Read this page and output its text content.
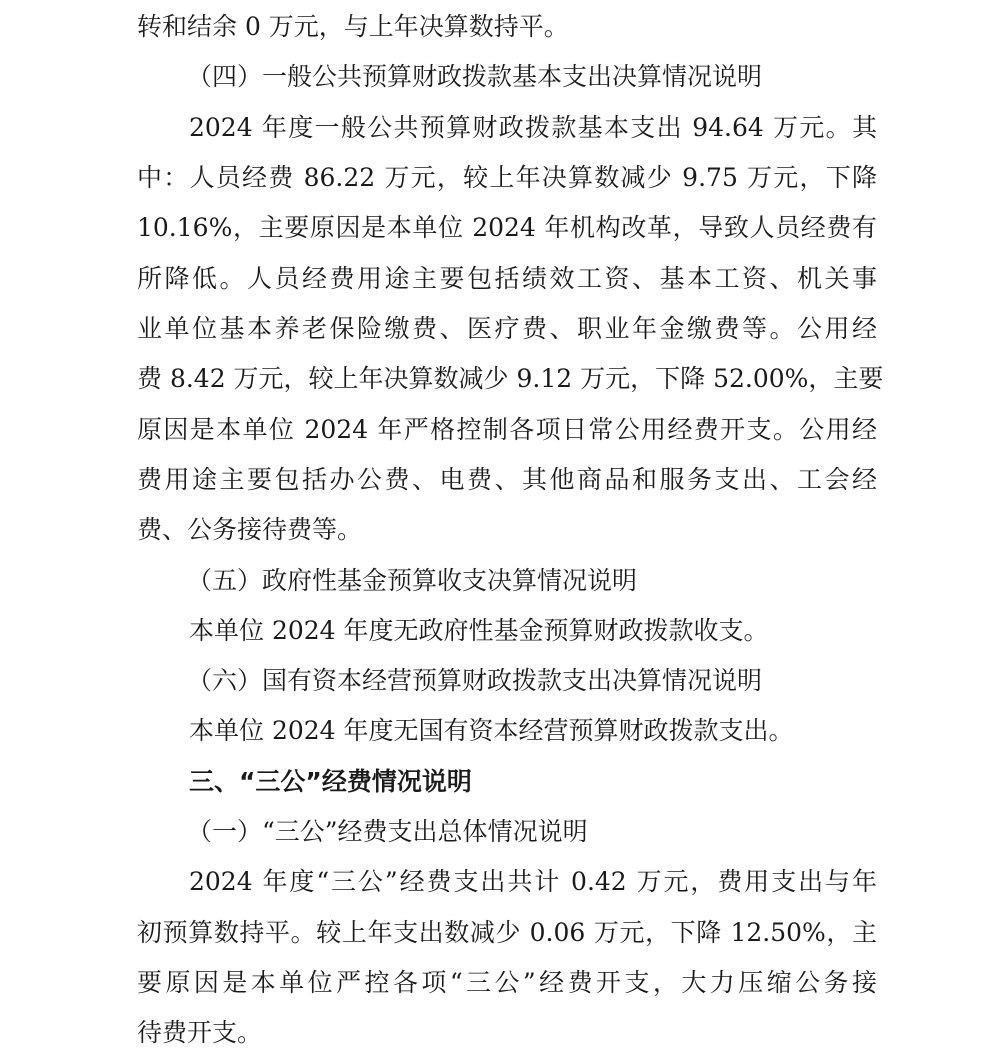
转和结余 0 万元，与上年决算数持平。
（四）一般公共预算财政拨款基本支出决算情况说明
2024 年度一般公共预算财政拨款基本支出 94.64 万元。其
中：人员经费 86.22 万元，较上年决算数减少 9.75 万元，下降
10.16%，主要原因是本单位 2024 年机构改革，导致人员经费有
所降低。人员经费用途主要包括绩效工资、基本工资、机关事
业单位基本养老保险缴费、医疗费、职业年金缴费等。公用经
费 8.42 万元，较上年决算数减少 9.12 万元，下降 52.00%，主要
原因是本单位 2024 年严格控制各项日常公用经费开支。公用经
费用途主要包括办公费、电费、其他商品和服务支出、工会经
费、公务接待费等。
（五）政府性基金预算收支决算情况说明
本单位 2024 年度无政府性基金预算财政拨款收支。
（六）国有资本经营预算财政拨款支出决算情况说明
本单位 2024 年度无国有资本经营预算财政拨款支出。
三、“三公”经费情况说明
（一）“三公”经费支出总体情况说明
2024 年度“三公”经费支出共计 0.42 万元，费用支出与年
初预算数持平。较上年支出数减少 0.06 万元，下降 12.50%，主
要原因是本单位严控各项“三公”经费开支，大力压缩公务接
待费开支。
